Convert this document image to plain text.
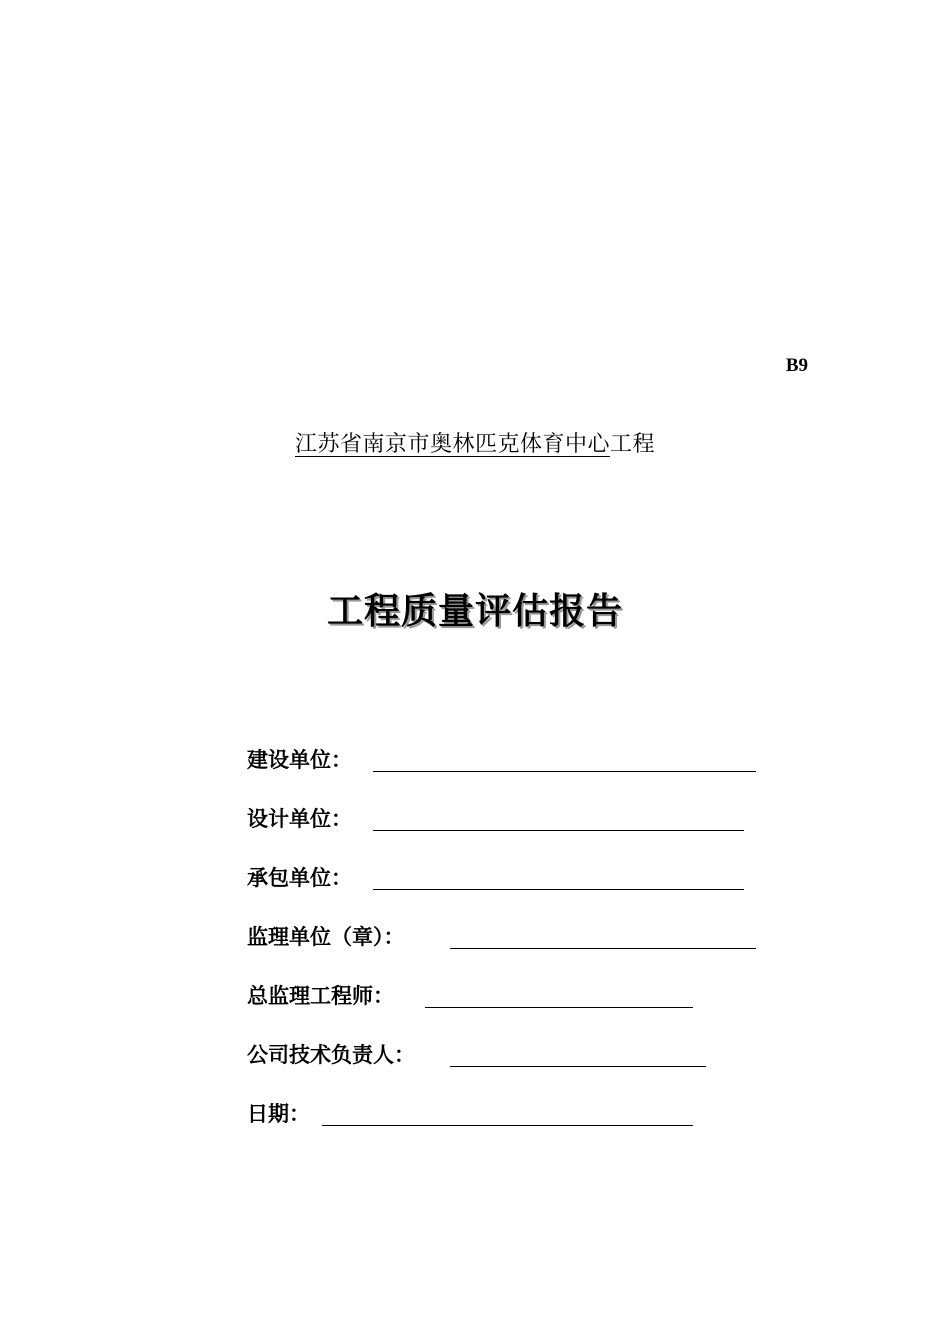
B9
江苏省南京市奥林匹克体育中心工程
工程质量评估报告
建设单位：
设计单位：
承包单位：
监理单位（章）：
总监理工程师：
公司技术负责人：
日期：
